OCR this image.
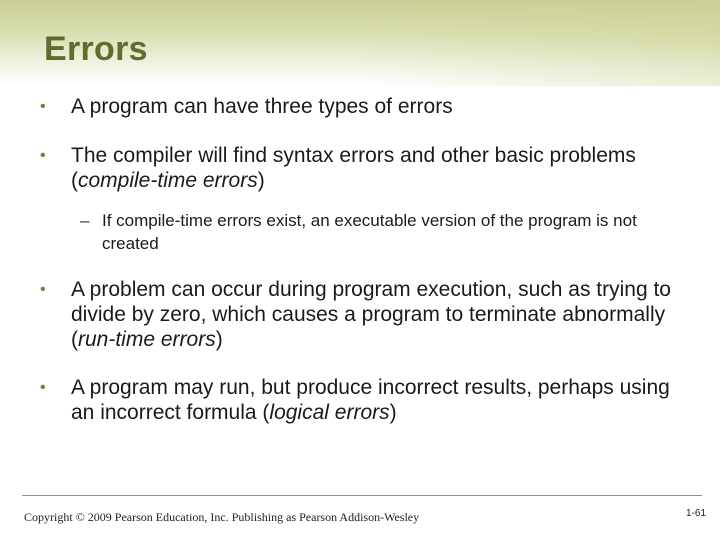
Errors
• A program can have three types of errors
• The compiler will find syntax errors and other basic problems (compile-time errors)
– If compile-time errors exist, an executable version of the program is not created
• A problem can occur during program execution, such as trying to divide by zero, which causes a program to terminate abnormally (run-time errors)
• A program may run, but produce incorrect results, perhaps using an incorrect formula (logical errors)
Copyright © 2009 Pearson Education, Inc. Publishing as Pearson Addison-Wesley	1-61
